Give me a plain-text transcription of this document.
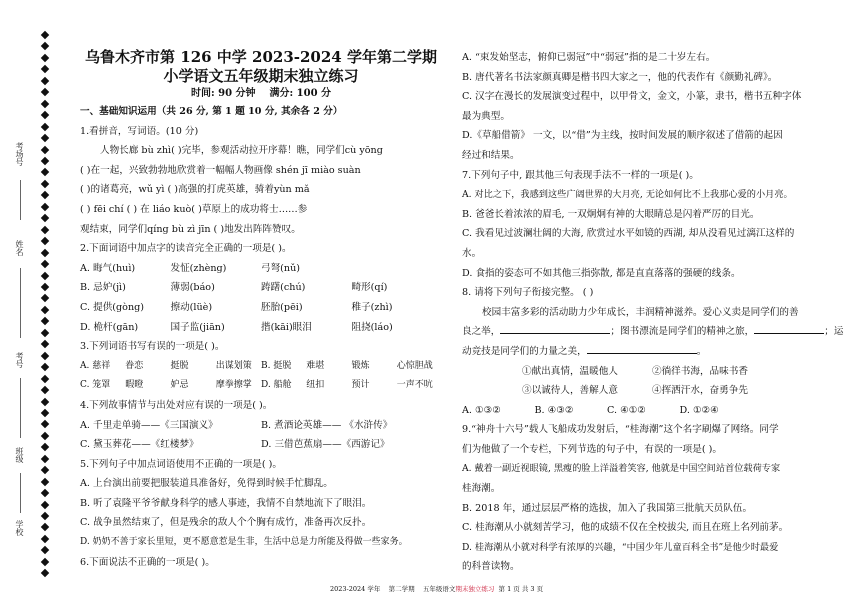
考场号
姓名
考号
班级
学校
乌鲁木齐市第 126 中学 2023-2024 学年第二学期
小学语文五年级期末独立练习
时间: 90 分钟 满分: 100 分
一、基础知识运用（共 26 分, 第 1 题 10 分, 其余各 2 分）
1.看拼音，写词语。(10 分)
人物长廊 bù zhì( )完毕，参观活动拉开序幕！瞧，同学们cù yōng
( )在一起，兴致勃勃地欣赏着一幅幅人物画像 shén jī miào suàn
( )的诸葛亮，wǔ yì ( )高强的打虎英雄，骑着yùn mǎ
( ) fēi chí ( ) 在 liáo kuò( )草原上的成功将士……参
观结束，同学们qíng bù zì jīn ( )地发出阵阵赞叹。
2.下面词语中加点字的读音完全正确的一项是( )。
A. 晦气(huì)	发怔(zhèng)	弓弩(nǔ)
B. 忌妒(jì)	薄弱(báo)	踌躇(chú)	畸形(qí)
C. 提供(gòng)	擦动(lüè)	胚胎(pēi)	稚子(zhì)
D. 桅杆(gān)	国子监(jiān)	揩(kāi)眼泪	阻挠(láo)
3.下列词语书写有误的一项是( )。
A. 慈祥	眷恋	挺脱	出谋划策	B. 挺脱	难堪	锻炼	心惊胆战
C. 笼罩	暇瞪	妒忌	摩拳擦掌	D. 船舱	纽扣	预计	一声不吭
4.下列故事情节与出处对应有误的一项是( )。
A. 千里走单骑——《三国演义》	B. 煮酒论英雄—— 《水浒传》
C. 黛玉葬花——《红楼梦》	D. 三借芭蕉扇——《西游记》
5.下列句子中加点词语使用不正确的一项是( )。
A. 上台演出前要把服装道具准备好，免得到时候手忙脚乱。
B. 听了袁隆平爷爷献身科学的感人事迹，我情不自禁地流下了眼泪。
C. 战争虽然结束了，但是残余的敌人个个胸有成竹，准备再次反扑。
D. 奶奶不善于家长里短，更不愿意惹是生非，生活中总是力所能及得做一些家务。
6.下面说法不正确的一项是( )。
A. “束发始坚志，俯仰已弱冠”中“弱冠”指的是二十岁左右。
B. 唐代著名书法家颜真卿是楷书四大家之一，他的代表作有《颜勤礼碑》。
C. 汉字在漫长的发展演变过程中，以甲骨文，金文，小篆，隶书，楷书五种字体
最为典型。
D.《草船借箭》 一文，以“借”为主线，按时间发展的顺序叙述了借箭的起因
经过和结果。
7.下列句子中, 跟其他三句表现手法不一样的一项是( )。
A. 对比之下，我感到这些广阔世界的大月亮, 无论如何比不上我那心爱的小月亮。
B. 爸爸长着浓浓的眉毛, 一双炯炯有神的大眼睛总是闪着严厉的目光。
C. 我看见过波澜壮阔的大海, 欣赏过水平如镜的西湖, 却从没看见过漓江这样的
水。
D. 食指的姿态可不如其他三指弥散, 都是直直落落的强硬的线条。
8. 请将下列句子衔接完整。 ( )
校园丰富多彩的活动助力少年成长，丰润精神滋养。爱心义卖是同学们的善
良之举，	；图书漂流是同学们的精神之旅，	；运
动竞技是同学们的力量之美，	。
①献出真情，温暖他人	②徜徉书海，品味书香
③以诚待人，善解人意	④挥洒汗水，奋勇争先
A. ①③②	B. ④③②	C. ④①②	D. ①②④
9.“神舟十六号”载人飞船成功发射后，“桂海潮”这个名字刷爆了网络。同学
们为他做了一个专栏，下列节选的句子中，有误的一项是( )。
A. 戴着一副近视眼镜, 黑瘦的脸上洋溢着笑容, 他就是中国空间站首位载荷专家
桂海潮。
B. 2018 年，通过层层严格的选拔，加入了我国第三批航天员队伍。
C. 桂海潮从小就刻苦学习，他的成绩不仅在全校拔尖, 而且在班上名列前茅。
D. 桂海潮从小就对科学有浓厚的兴趣，“中国少年儿童百科全书”是他少时最爱
的科普读物。
2023-2024 学年 第二学期 五年级语文期末独立练习 第 1 页 共 3 页
